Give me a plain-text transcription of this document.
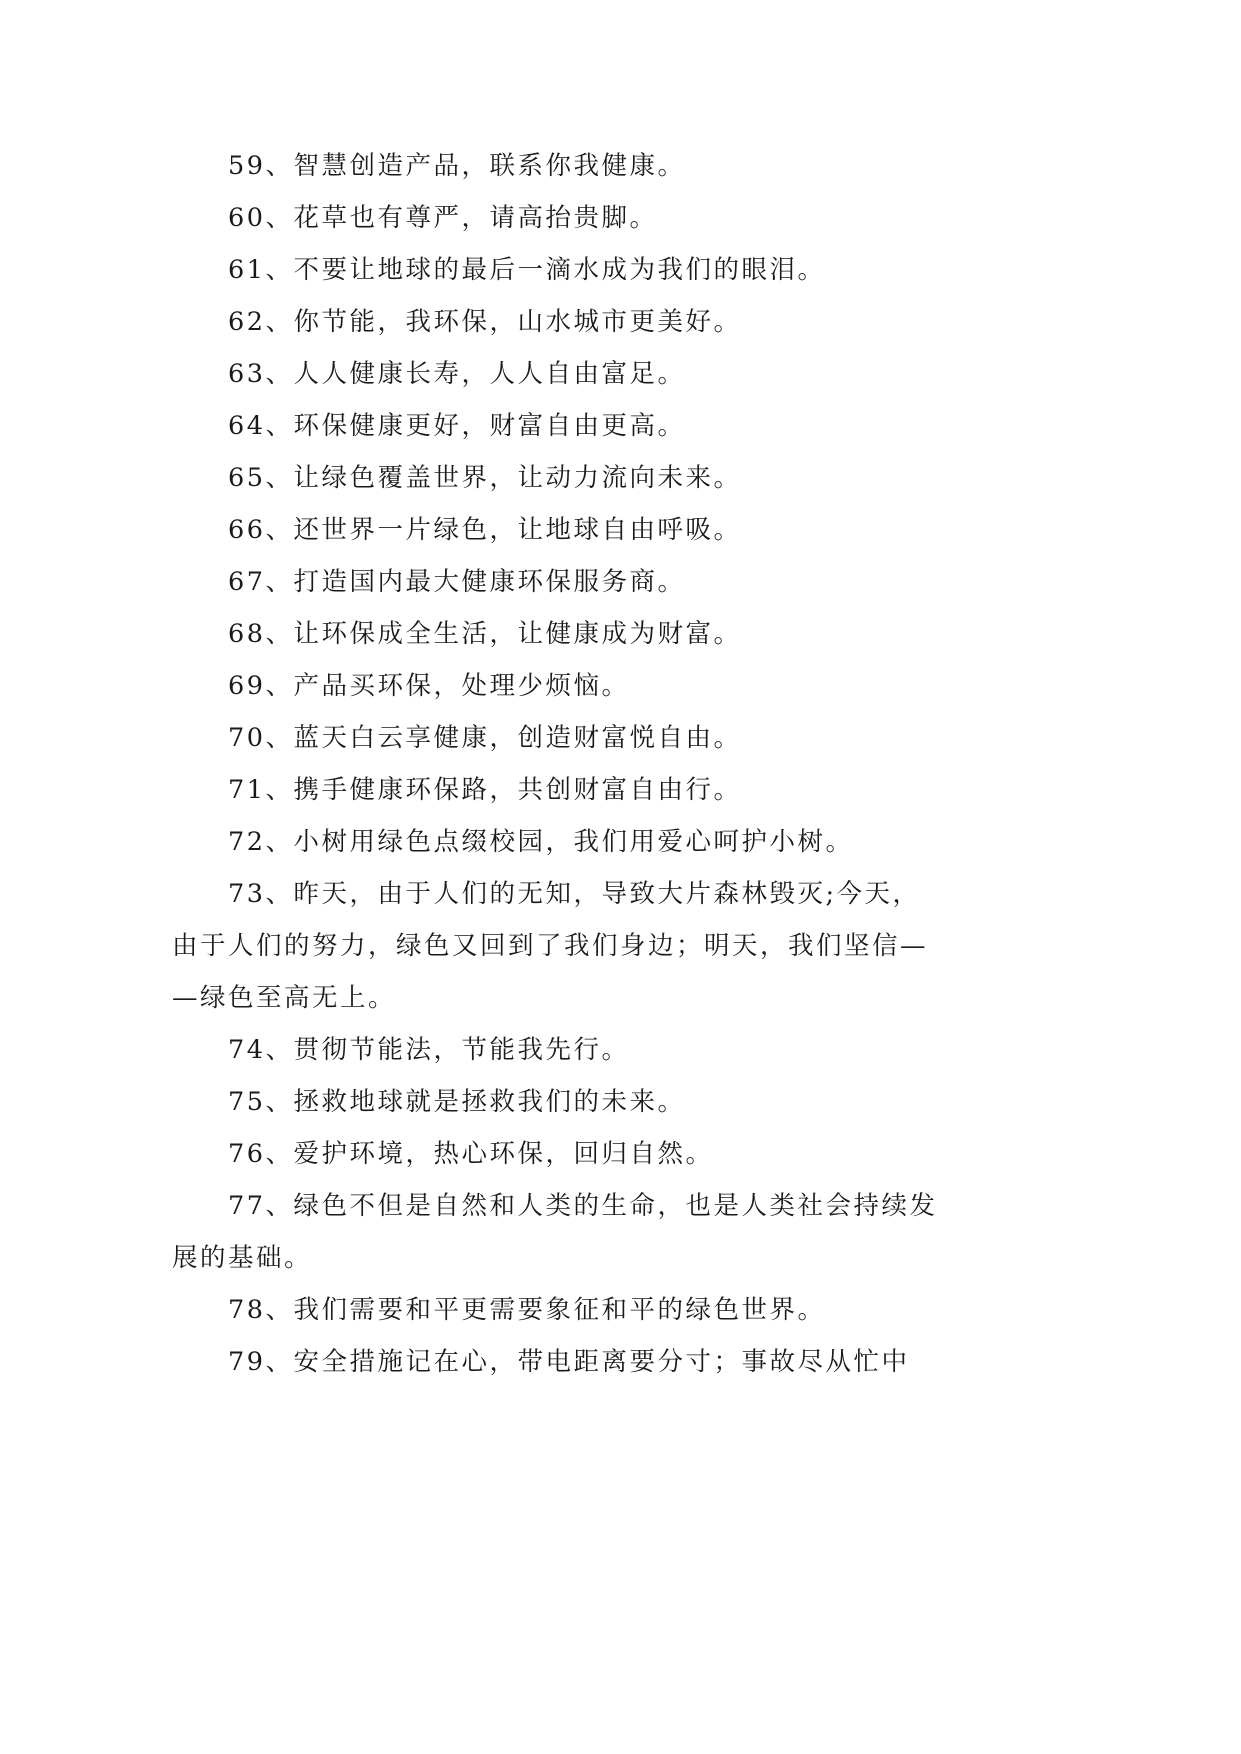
59、智慧创造产品，联系你我健康。

60、花草也有尊严，请高抬贵脚。

61、不要让地球的最后一滴水成为我们的眼泪。

62、你节能，我环保，山水城市更美好。

63、人人健康长寿，人人自由富足。

64、环保健康更好，财富自由更高。

65、让绿色覆盖世界，让动力流向未来。

66、还世界一片绿色，让地球自由呼吸。

67、打造国内最大健康环保服务商。

68、让环保成全生活，让健康成为财富。

69、产品买环保，处理少烦恼。

70、蓝天白云享健康，创造财富悦自由。

71、携手健康环保路，共创财富自由行。

72、小树用绿色点缀校园，我们用爱心呵护小树。

73、昨天，由于人们的无知，导致大片森林毁灭;今天，由于人们的努力，绿色又回到了我们身边；明天，我们坚信——绿色至高无上。

74、贯彻节能法，节能我先行。

75、拯救地球就是拯救我们的未来。

76、爱护环境，热心环保，回归自然。

77、绿色不但是自然和人类的生命，也是人类社会持续发展的基础。

78、我们需要和平更需要象征和平的绿色世界。

79、安全措施记在心，带电距离要分寸；事故尽从忙中
